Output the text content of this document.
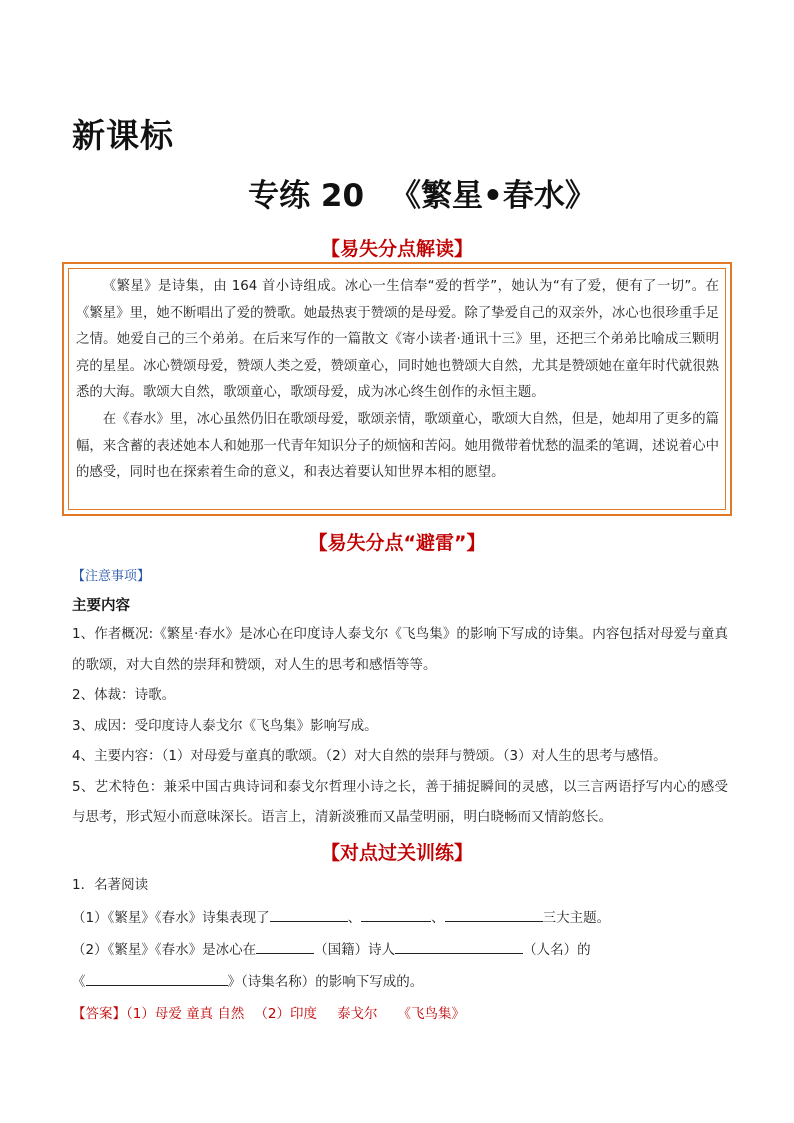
新课标
专练 20 《繁星•春水》
【易失分点解读】

《繁星》是诗集，由 164 首小诗组成。冰心一生信奉“爱的哲学”，她认为“有了爱，便有了一切”。在《繁星》里，她不断唱出了爱的赞歌。她最热衷于赞颂的是母爱。除了挚爱自己的双亲外，冰心也很珍重手足之情。她爱自己的三个弟弟。在后来写作的一篇散文《寄小读者·通讯十三》里，还把三个弟弟比喻成三颗明亮的星星。冰心赞颂母爱，赞颂人类之爱，赞颂童心，同时她也赞颂大自然，尤其是赞颂她在童年时代就很熟悉的大海。歌颂大自然，歌颂童心，歌颂母爱，成为冰心终生创作的永恒主题。

在《春水》里，冰心虽然仍旧在歌颂母爱，歌颂亲情，歌颂童心，歌颂大自然，但是，她却用了更多的篇幅，来含蓄的表述她本人和她那一代青年知识分子的烦恼和苦闷。她用微带着忧愁的温柔的笔调，述说着心中的感受，同时也在探索着生命的意义，和表达着要认知世界本相的愿望。

【易失分点“避雷”】
【注意事项】
主要内容

1、作者概况:《繁星·春水》是冰心在印度诗人泰戈尔《飞鸟集》的影响下写成的诗集。内容包括对母爱与童真的歌颂，对大自然的崇拜和赞颂，对人生的思考和感悟等等。

2、体裁：诗歌。

3、成因：受印度诗人泰戈尔《飞鸟集》影响写成。

4、主要内容：（1）对母爱与童真的歌颂。（2）对大自然的崇拜与赞颂。（3）对人生的思考与感悟。

5、艺术特色：兼采中国古典诗词和泰戈尔哲理小诗之长，善于捕捉瞬间的灵感，以三言两语抒写内心的感受与思考，形式短小而意味深长。语言上，清新淡雅而又晶莹明丽，明白晓畅而又情韵悠长。

【对点过关训练】
1．名著阅读
（1）《繁星》《春水》诗集表现了	、	、	三大主题。
（2）《繁星》《春水》是冰心在	（国籍）诗人	（人名）的
《	》（诗集名称）的影响下写成的。
【答案】（1）母爱 童真 自然 （2）印度 泰戈尔 《飞鸟集》
